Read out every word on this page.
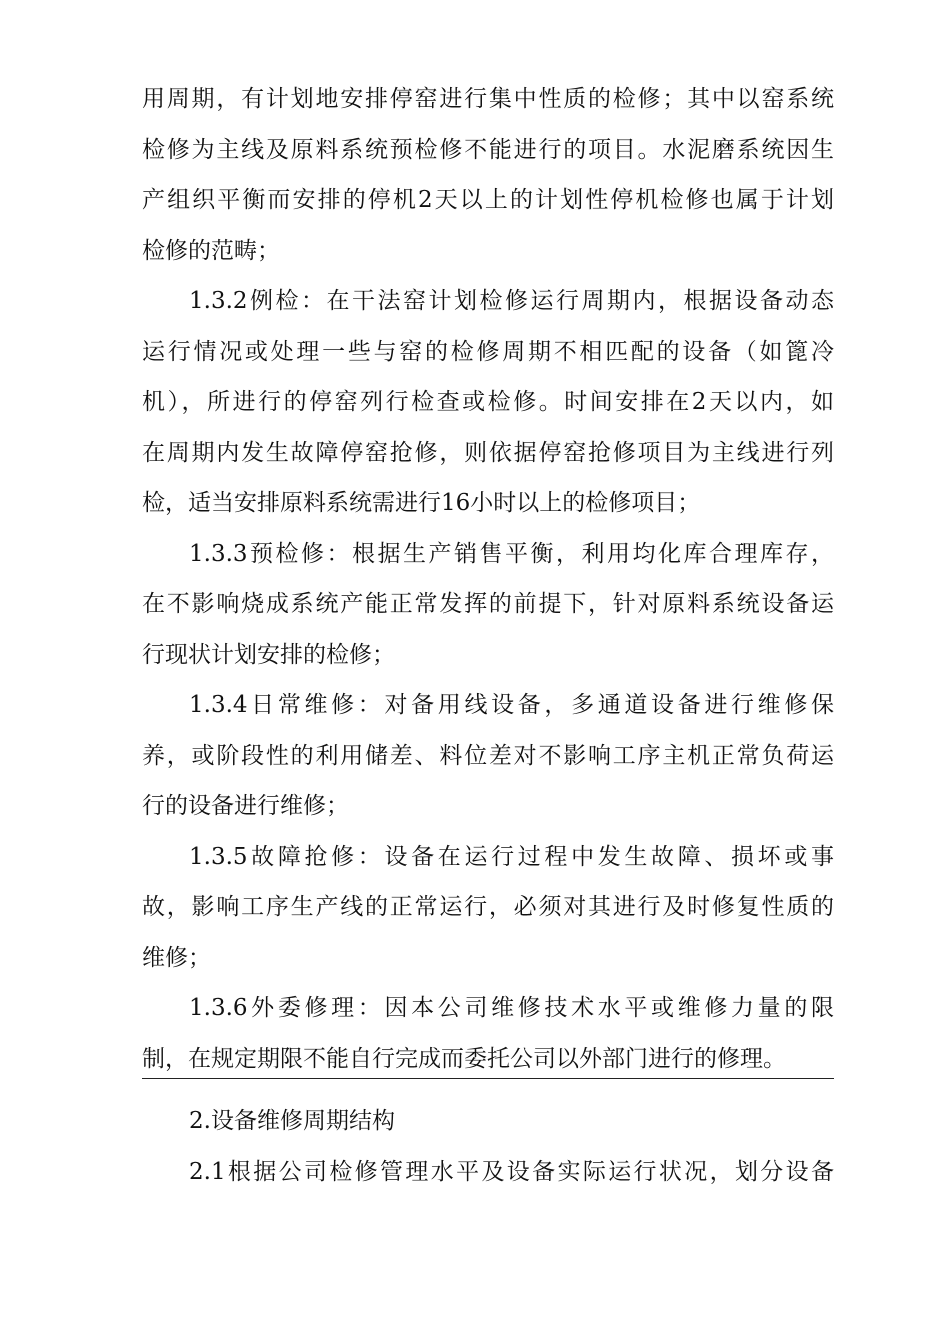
用周期，有计划地安排停窑进行集中性质的检修；其中以窑系统
检修为主线及原料系统预检修不能进行的项目。水泥磨系统因生
产组织平衡而安排的停机2天以上的计划性停机检修也属于计划
检修的范畴；
1.3.2例检：在干法窑计划检修运行周期内，根据设备动态
运行情况或处理一些与窑的检修周期不相匹配的设备（如篦冷
机），所进行的停窑列行检查或检修。时间安排在2天以内，如
在周期内发生故障停窑抢修，则依据停窑抢修项目为主线进行列
检，适当安排原料系统需进行16小时以上的检修项目；
1.3.3预检修：根据生产销售平衡，利用均化库合理库存，
在不影响烧成系统产能正常发挥的前提下，针对原料系统设备运
行现状计划安排的检修；
1.3.4日常维修：对备用线设备，多通道设备进行维修保
养，或阶段性的利用储差、料位差对不影响工序主机正常负荷运
行的设备进行维修；
1.3.5故障抢修：设备在运行过程中发生故障、损坏或事
故，影响工序生产线的正常运行，必须对其进行及时修复性质的
维修；
1.3.6外委修理：因本公司维修技术水平或维修力量的限
制，在规定期限不能自行完成而委托公司以外部门进行的修理。
2.设备维修周期结构
2.1根据公司检修管理水平及设备实际运行状况，划分设备
